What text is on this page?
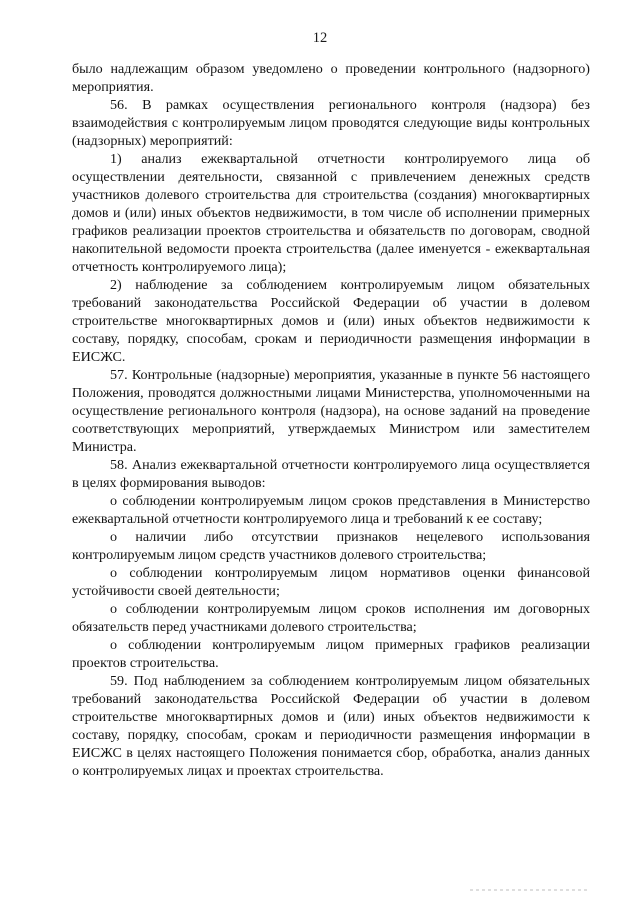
12

было надлежащим образом уведомлено о проведении контрольного (надзорного) мероприятия.

56. В рамках осуществления регионального контроля (надзора) без взаимодействия с контролируемым лицом проводятся следующие виды контрольных (надзорных) мероприятий:

1) анализ ежеквартальной отчетности контролируемого лица об осуществлении деятельности, связанной с привлечением денежных средств участников долевого строительства для строительства (создания) многоквартирных домов и (или) иных объектов недвижимости, в том числе об исполнении примерных графиков реализации проектов строительства и обязательств по договорам, сводной накопительной ведомости проекта строительства (далее именуется - ежеквартальная отчетность контролируемого лица);

2) наблюдение за соблюдением контролируемым лицом обязательных требований законодательства Российской Федерации об участии в долевом строительстве многоквартирных домов и (или) иных объектов недвижимости к составу, порядку, способам, срокам и периодичности размещения информации в ЕИСЖС.

57. Контрольные (надзорные) мероприятия, указанные в пункте 56 настоящего Положения, проводятся должностными лицами Министерства, уполномоченными на осуществление регионального контроля (надзора), на основе заданий на проведение соответствующих мероприятий, утверждаемых Министром или заместителем Министра.

58. Анализ ежеквартальной отчетности контролируемого лица осуществляется в целях формирования выводов:

о соблюдении контролируемым лицом сроков представления в Министерство ежеквартальной отчетности контролируемого лица и требований к ее составу;

о наличии либо отсутствии признаков нецелевого использования контролируемым лицом средств участников долевого строительства;

о соблюдении контролируемым лицом нормативов оценки финансовой устойчивости своей деятельности;

о соблюдении контролируемым лицом сроков исполнения им договорных обязательств перед участниками долевого строительства;

о соблюдении контролируемым лицом примерных графиков реализации проектов строительства.

59. Под наблюдением за соблюдением контролируемым лицом обязательных требований законодательства Российской Федерации об участии в долевом строительстве многоквартирных домов и (или) иных объектов недвижимости к составу, порядку, способам, срокам и периодичности размещения информации в ЕИСЖС в целях настоящего Положения понимается сбор, обработка, анализ данных о контролируемых лицах и проектах строительства.
